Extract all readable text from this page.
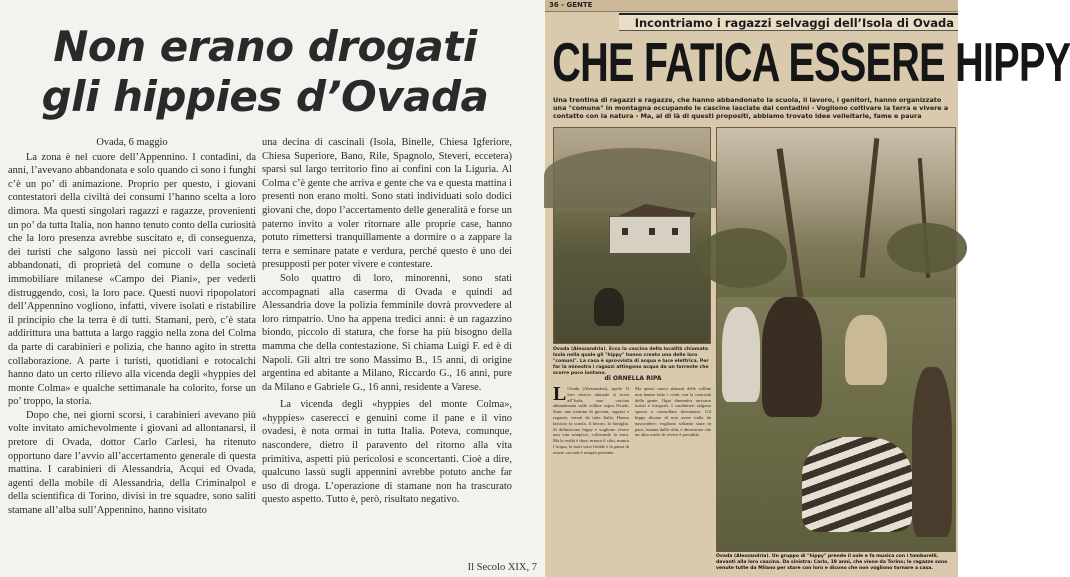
Non erano drogati
gli hippies d’Ovada

Ovada, 6 maggio

La zona è nel cuore dell’Appennino. I contadini, da anni, l’avevano abbandonata e solo quando ci sono i funghi c’è un po’ di animazione. Proprio per questo, i giovani contestatori della civiltà dei consumi l’hanno scelta a loro dimora. Ma questi singolari ragazzi e ragazze, provenienti un po’ da tutta Italia, non hanno tenuto conto della curiosità che la loro presenza avrebbe suscitato e, di conseguenza, dei turisti che salgono lassù nei piccoli vari cascinali abbandonati, di proprietà del comune o della società immobiliare milanese «Campo dei Piani», per vederli distruggendo, così, la loro pace. Questi nuovi ripopolatori dell’Appennino vogliono, infatti, vivere isolati e ristabilire il principio che la terra è di tutti. Stamani, però, c’è stata addirittura una battuta a largo raggio nella zona del Colma da parte di carabinieri e polizia, che hanno agito in stretta collaborazione. A parte i turisti, quotidiani e rotocalchi hanno dato un certo rilievo alla vicenda degli «hyppies del monte Colma» e qualche settimanale ha colorito, forse un po’ troppo, la storia.

Dopo che, nei giorni scorsi, i carabinieri avevano più volte invitato amichevolmente i giovani ad allontanarsi, il pretore di Ovada, dottor Carlo Carlesi, ha ritenuto opportuno dare l’avvio all’accertamento generale di questa mattina. I carabinieri di Alessandria, Acqui ed Ovada, agenti della mobile di Alessandria, della Criminalpol e della scientifica di Torino, divisi in tre squadre, sono saliti stamane all’alba sull’Appennino, hanno visitato

una decina di cascinali (Isola, Binelle, Chiesa Igferiore, Chiesa Superiore, Bano, Rile, Spagnolo, Steveri, eccetera) sparsi sul largo territorio fino ai confini con la Liguria. Al Colma c’è gente che arriva e gente che va e questa mattina i presenti non erano molti. Sono stati individuati solo dodici giovani che, dopo l’accertamento delle generalità e forse un paterno invito a voler ritornare alle proprie case, hanno potuto rimettersi tranquillamente a dormire o a zappare la terra e seminare patate e verdura, perché questo è uno dei presupposti per poter vivere e contestare.

Solo quattro di loro, minorenni, sono stati accompagnati alla caserma di Ovada e quindi ad Alessandria dove la polizia femminile dovrà provvedere al loro rimpatrio. Uno ha appena tredici anni: è un ragazzino biondo, piccolo di statura, che forse ha più bisogno della mamma che della contestazione. Si chiama Luigi F. ed è di Napoli. Gli altri tre sono Massimo B., 15 anni, di origine argentina ed abitante a Milano, Riccardo G., 16 anni, pure da Milano e Gabriele G., 16 anni, residente a Varese.

La vicenda degli «hyppies del monte Colma», «hyppies» casereccì e genuini come il pane e il vino ovadesi, è nota ormai in tutta Italia. Poteva, comunque, nascondere, dietro il paravento del ritorno alla vita primitiva, aspetti più pericolosi e sconcertanti. Cioè a dire, qualcuno lassù sugli appennini avrebbe potuto anche far uso di droga. L’operazione di stamane non ha trascurato questo aspetto. Tutto è, però, risultato negativo.

Il Secolo XIX, 7
36 - GENTE
Incontriamo i ragazzi selvaggi dell’Isola di Ovada
CHE FATICA ESSERE HIPPY

Una trentina di ragazzi e ragazze, che hanno abbandonato la scuola, il lavoro, i genitori, hanno organizzato una "comune" in montagna occupando le cascine lasciate dai contadini - Vogliono coltivare la terra e vivere a contatto con la natura - Ma, al di là di questi propositi, abbiamo trovato idee velleitarie, fame e paura

Ovada (Alessandria). Ecco la cascina della località chiamata Isola nella quale gli "hippy" hanno creato una delle loro "comuni". La casa è sprovvista di acqua e luce elettrica. Per far la minestra i ragazzi attingono acqua da un torrente che scorre poco lontano.

di ORNELLA RIPA
L Ovada (Alessandria), aprile. Il loro ritrovo abituale si trova all’Isola, una cascina abbandonata sulle colline sopra Ovada. Sono una trentina di giovani, ragazzi e ragazze, venuti da tutta Italia. Hanno lasciato la scuola, il lavoro, la famiglia. Si definiscono hippy e vogliono vivere una vita semplice, coltivando la terra. Ma la realtà è dura: manca il cibo, manca l’acqua, le notti sono fredde e la paura di essere cacciati è sempre presente.
Ma questi nuovi abitanti delle colline non hanno fatto i conti con la curiosità della gente. Ogni domenica arrivano turisti e fotografi. I carabinieri salgono spesso a controllare documenti. Gli hippy dicono di non avere nulla da nascondere: vogliono soltanto stare in pace, lontani dalla città, e dimostrare che un altro modo di vivere è possibile.

Ovada (Alessandria). Un gruppo di "hippy" prende il sole e fa musica con i tamburelli, davanti alla loro cascina. Da sinistra: Carlo, 19 anni, che viene da Torino; le ragazze sono venute tutte da Milano per stare con loro e dicono che non vogliono tornare a casa.
